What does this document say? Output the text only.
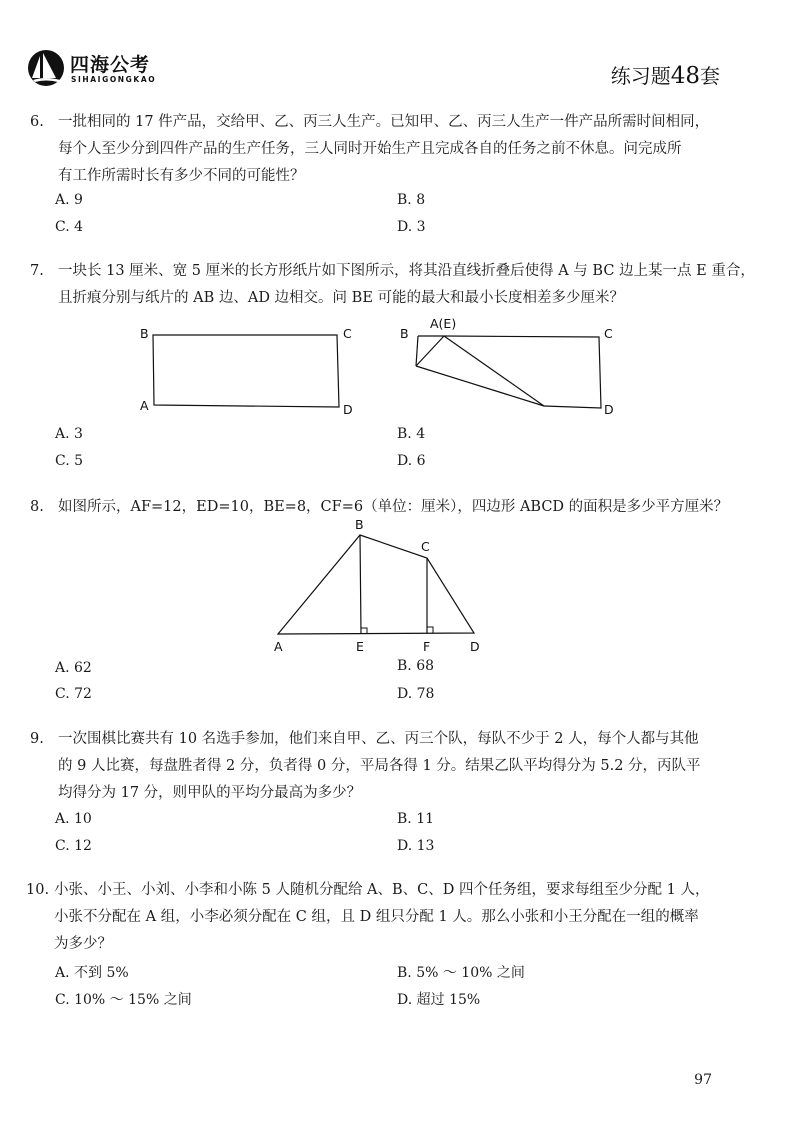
四海公考
SIHAIGONGKAO	练习题48套
6. 一批相同的 17 件产品，交给甲、乙、丙三人生产。已知甲、乙、丙三人生产一件产品所需时间相同，
每个人至少分到四件产品的生产任务，三人同时开始生产且完成各自的任务之前不休息。问完成所
有工作所需时长有多少不同的可能性？
A. 9	B. 8
C. 4	D. 3
7. 一块长 13 厘米、宽 5 厘米的长方形纸片如下图所示，将其沿直线折叠后使得 A 与 BC 边上某一点 E 重合，
且折痕分别与纸片的 AB 边、AD 边相交。问 BE 可能的最大和最小长度相差多少厘米？
B	C
A	D
B
A(E)
C
D
A. 3	B. 4
C. 5	D. 6
8. 如图所示，AF=12，ED=10，BE=8，CF=6（单位：厘米），四边形 ABCD 的面积是多少平方厘米？
A
B
C
D
E	F
A. 62	B. 68
C. 72	D. 78
9. 一次围棋比赛共有 10 名选手参加，他们来自甲、乙、丙三个队，每队不少于 2 人，每个人都与其他
的 9 人比赛，每盘胜者得 2 分，负者得 0 分，平局各得 1 分。结果乙队平均得分为 5.2 分，丙队平
均得分为 17 分，则甲队的平均分最高为多少？
A. 10	B. 11
C. 12	D. 13
10. 小张、小王、小刘、小李和小陈 5 人随机分配给 A、B、C、D 四个任务组，要求每组至少分配 1 人，
小张不分配在 A 组，小李必须分配在 C 组，且 D 组只分配 1 人。那么小张和小王分配在一组的概率
为多少？
A. 不到 5%	B. 5% ～ 10% 之间
C. 10% ～ 15% 之间	D. 超过 15%
97
